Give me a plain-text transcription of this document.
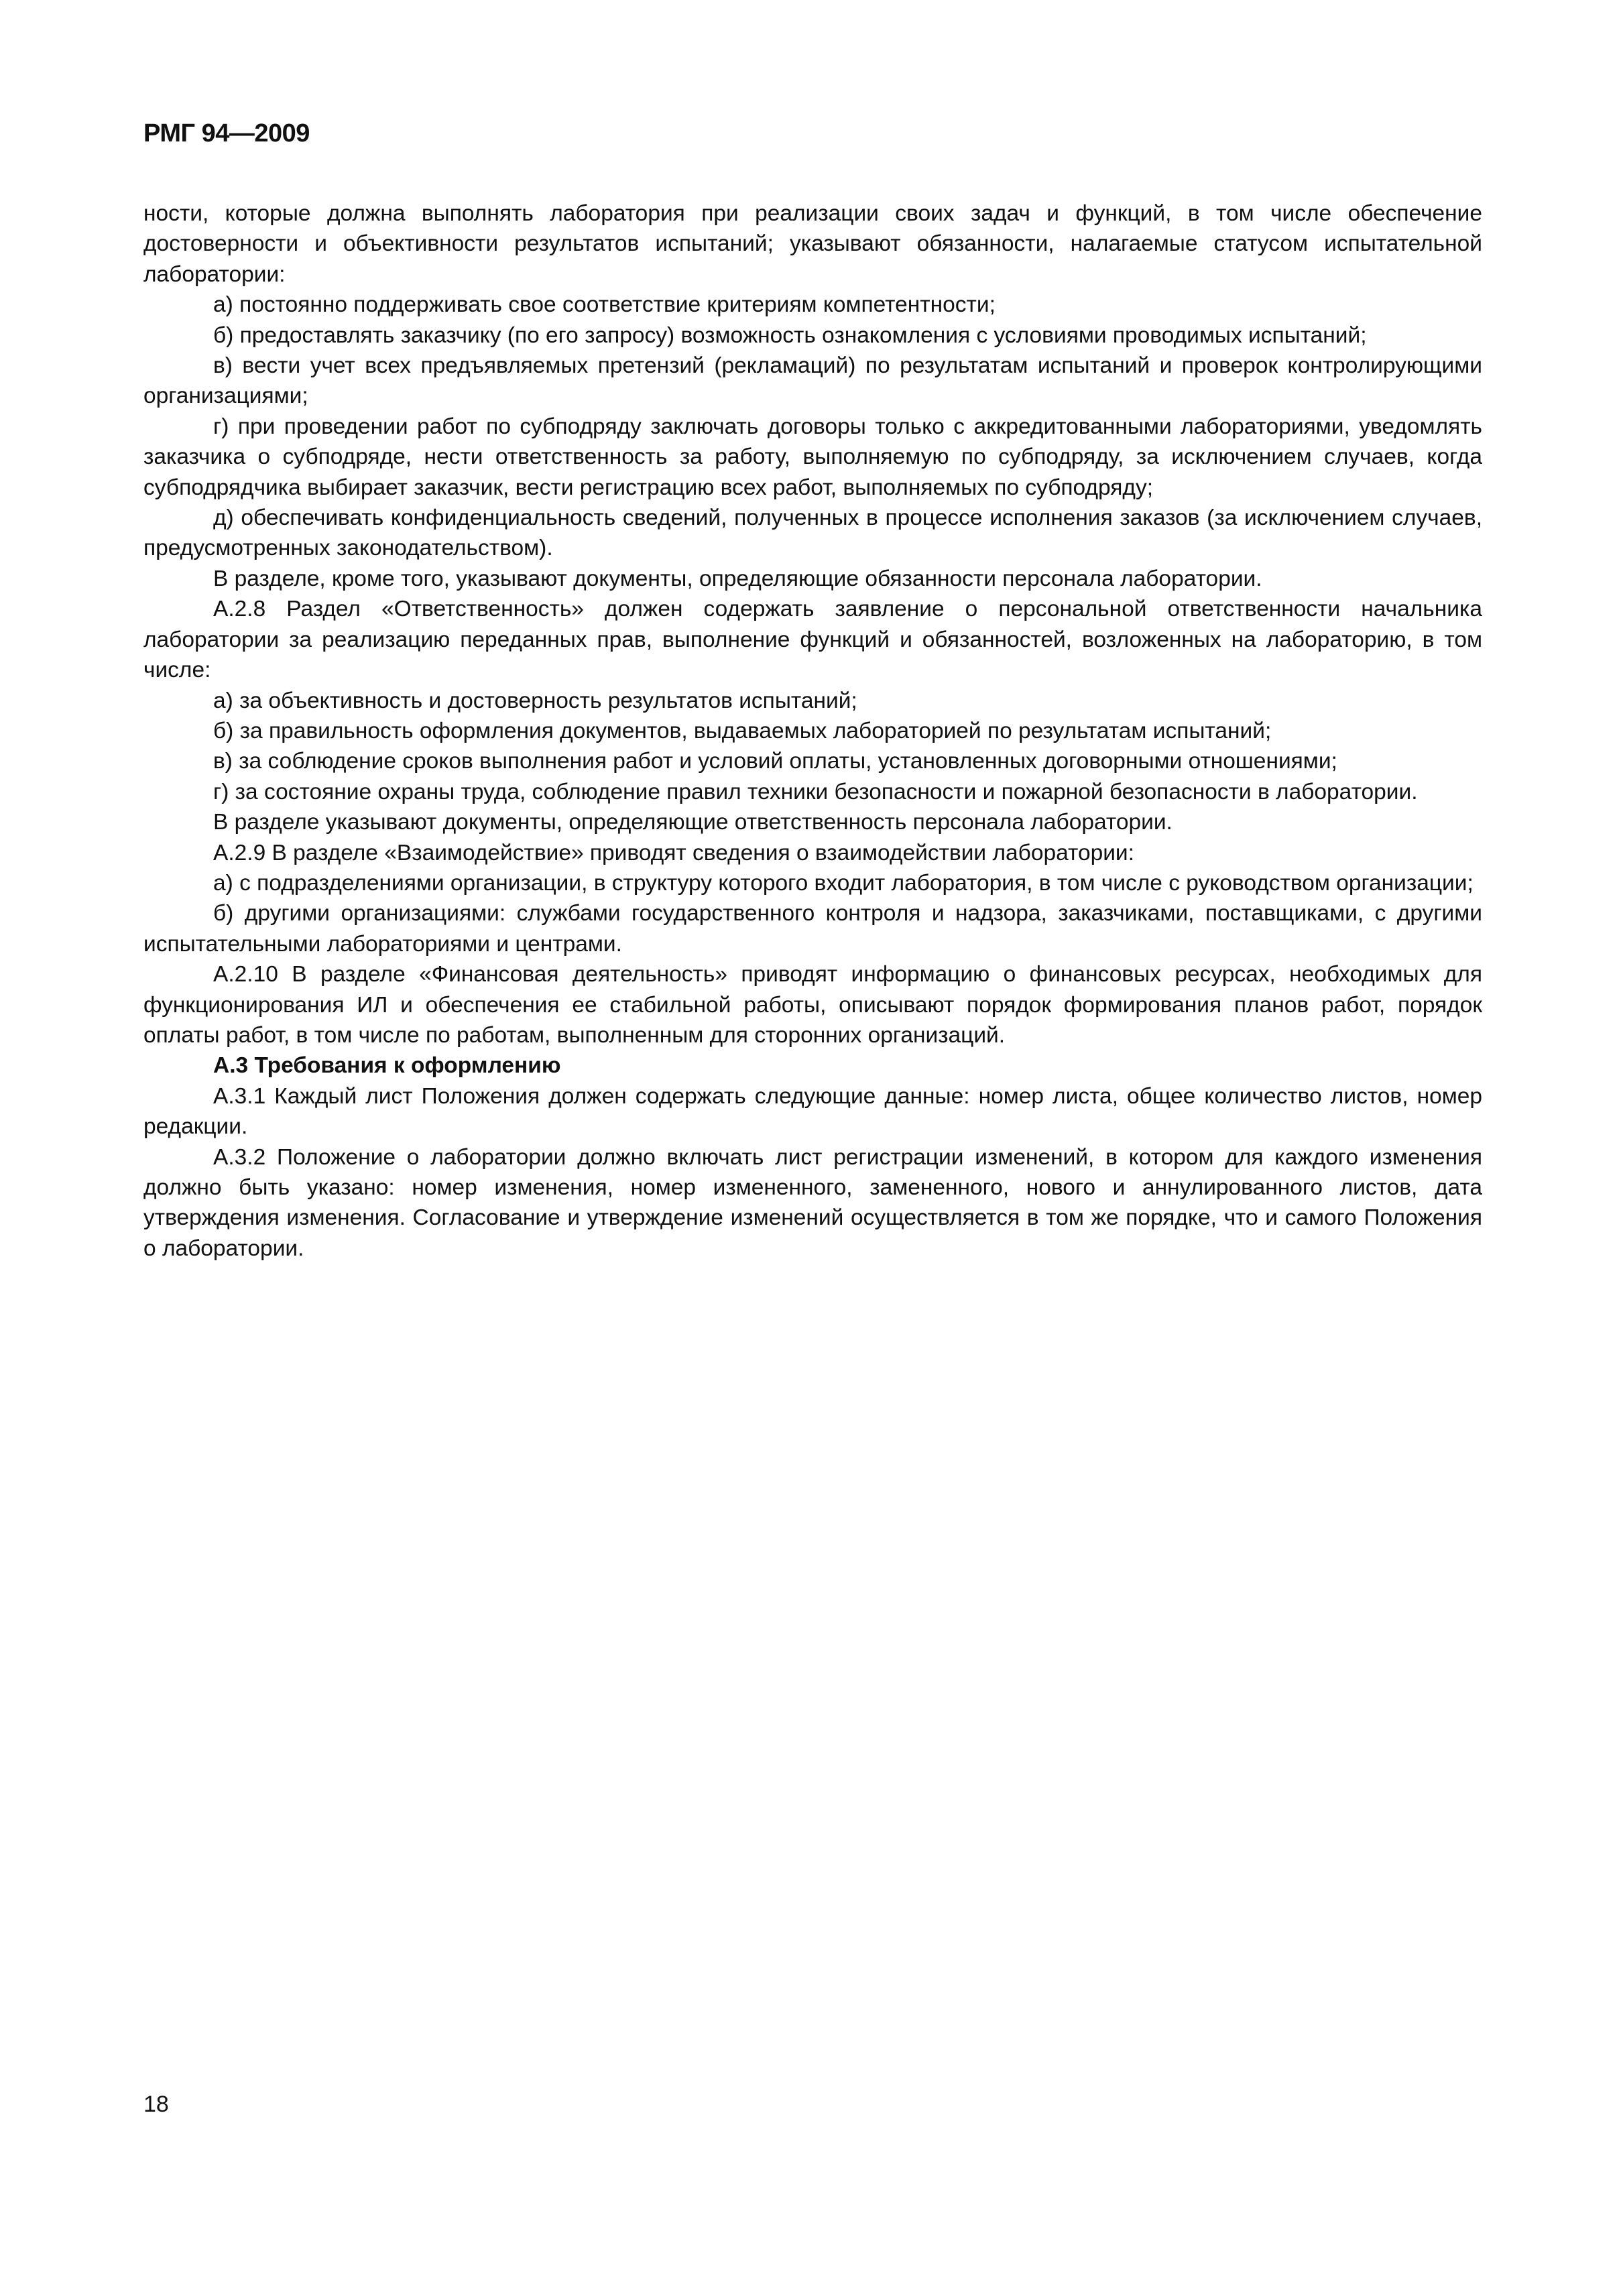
РМГ 94—2009

ности, которые должна выполнять лаборатория при реализации своих задач и функций, в том числе обеспечение достоверности и объективности результатов испытаний; указывают обязанности, налагаемые статусом испытательной лаборатории:

а) постоянно поддерживать свое соответствие критериям компетентности;

б) предоставлять заказчику (по его запросу) возможность ознакомления с условиями проводимых испытаний;

в) вести учет всех предъявляемых претензий (рекламаций) по результатам испытаний и проверок контролирующими организациями;

г) при проведении работ по субподряду заключать договоры только с аккредитованными лабораториями, уведомлять заказчика о субподряде, нести ответственность за работу, выполняемую по субподряду, за исключением случаев, когда субподрядчика выбирает заказчик, вести регистрацию всех работ, выполняемых по субподряду;

д) обеспечивать конфиденциальность сведений, полученных в процессе исполнения заказов (за исключением случаев, предусмотренных законодательством).

В разделе, кроме того, указывают документы, определяющие обязанности персонала лаборатории.

А.2.8 Раздел «Ответственность» должен содержать заявление о персональной ответственности начальника лаборатории за реализацию переданных прав, выполнение функций и обязанностей, возложенных на лабораторию, в том числе:

а) за объективность и достоверность результатов испытаний;

б) за правильность оформления документов, выдаваемых лабораторией по результатам испытаний;

в) за соблюдение сроков выполнения работ и условий оплаты, установленных договорными отношениями;

г) за состояние охраны труда, соблюдение правил техники безопасности и пожарной безопасности в лаборатории.

В разделе указывают документы, определяющие ответственность персонала лаборатории.

А.2.9 В разделе «Взаимодействие» приводят сведения о взаимодействии лаборатории:

а) с подразделениями организации, в структуру которого входит лаборатория, в том числе с руководством организации;

б) другими организациями: службами государственного контроля и надзора, заказчиками, поставщиками, с другими испытательными лабораториями и центрами.

А.2.10 В разделе «Финансовая деятельность» приводят информацию о финансовых ресурсах, необходимых для функционирования ИЛ и обеспечения ее стабильной работы, описывают порядок формирования планов работ, порядок оплаты работ, в том числе по работам, выполненным для сторонних организаций.

А.3 Требования к оформлению

А.3.1 Каждый лист Положения должен содержать следующие данные: номер листа, общее количество листов, номер редакции.

А.3.2 Положение о лаборатории должно включать лист регистрации изменений, в котором для каждого изменения должно быть указано: номер изменения, номер измененного, замененного, нового и аннулированного листов, дата утверждения изменения. Согласование и утверждение изменений осуществляется в том же порядке, что и самого Положения о лаборатории.

18
